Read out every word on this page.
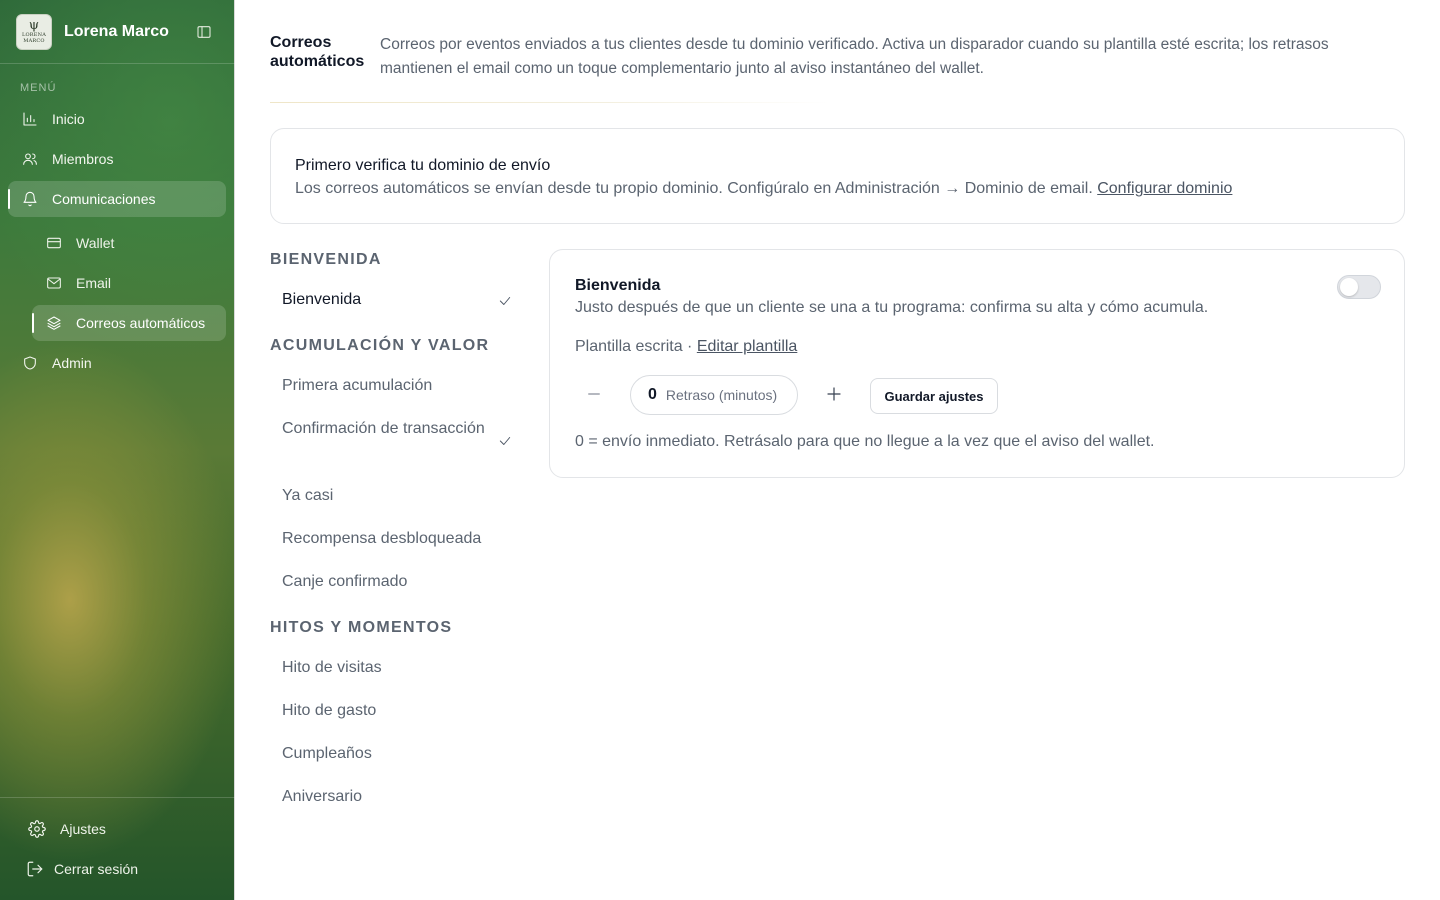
ψ
LORENA
MARCO
Lorena Marco
MENÚ
Inicio
Miembros
Comunicaciones
Wallet
Email
Correos automáticos
Admin
Ajustes
Cerrar sesión
Correos automáticos

Correos por eventos enviados a tus clientes desde tu dominio verificado. Activa un disparador cuando su plantilla esté escrita; los retrasos mantienen el email como un toque complementario junto al aviso instantáneo del wallet.

Primero verifica tu dominio de envío
Los correos automáticos se envían desde tu propio dominio. Configúralo en Administración → Dominio de email. Configurar dominio
BIENVENIDA
Bienvenida
ACUMULACIÓN Y VALOR
Primera acumulación
Confirmación de transacción
Ya casi
Recompensa desbloqueada
Canje confirmado
HITOS Y MOMENTOS
Hito de visitas
Hito de gasto
Cumpleaños
Aniversario
Bienvenida
Justo después de que un cliente se una a tu programa: confirma su alta y cómo acumula.
Plantilla escrita · Editar plantilla
0 Retraso (minutos)	Guardar ajustes
0 = envío inmediato. Retrásalo para que no llegue a la vez que el aviso del wallet.
